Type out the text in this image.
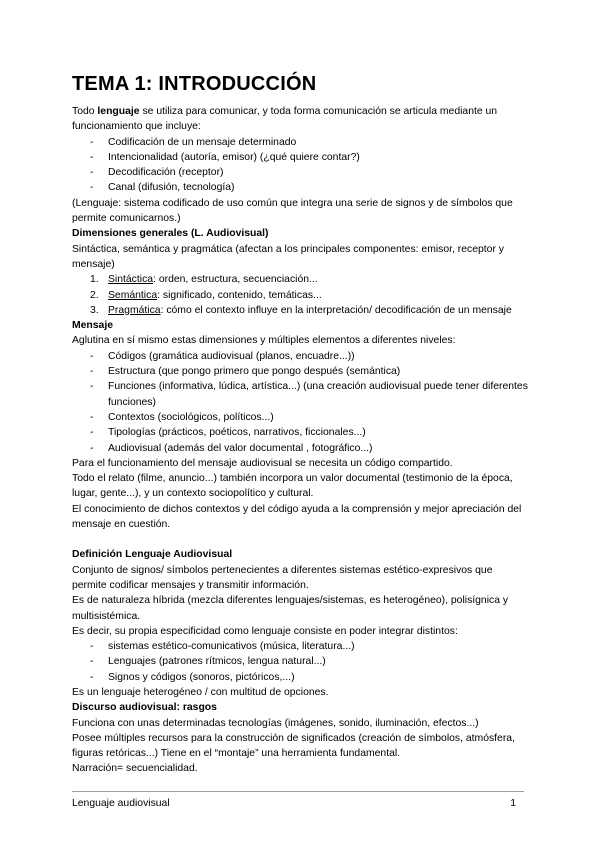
TEMA 1: INTRODUCCIÓN

Todo lenguaje se utiliza para comunicar, y toda forma comunicación se articula mediante un funcionamiento que incluye:

- Codificación de un mensaje determinado
- Intencionalidad (autoría, emisor) (¿qué quiere contar?)
- Decodificación (receptor)
- Canal (difusión, tecnología)

(Lenguaje: sistema codificado de uso común que integra una serie de signos y de símbolos que permite comunicarnos.)

Dimensiones generales (L. Audiovisual)

Sintáctica, semántica y pragmática (afectan a los principales componentes: emisor, receptor y mensaje)

1. Sintáctica: orden, estructura, secuenciación...
2. Semántica: significado, contenido, temáticas...
3. Pragmática: cómo el contexto influye en la interpretación/ decodificación de un mensaje

Mensaje

Aglutina en sí mismo estas dimensiones y múltiples elementos a diferentes niveles:

- Códigos (gramática audiovisual (planos, encuadre...))
- Estructura (que pongo primero que pongo después (semántica)
- Funciones (informativa, lúdica, artística...) (una creación audiovisual puede tener diferentes funciones)
- Contextos (sociológicos, políticos...)
- Tipologías (prácticos, poéticos, narrativos, ficcionales...)
- Audiovisual (además del valor documental , fotográfico...)

Para el funcionamiento del mensaje audiovisual se necesita un código compartido.

Todo el relato (filme, anuncio...) también incorpora un valor documental (testimonio de la época, lugar, gente...), y un contexto sociopolítico y cultural.

El conocimiento de dichos contextos y del código ayuda a la comprensión y mejor apreciación del mensaje en cuestión.

Definición Lenguaje Audiovisual

Conjunto de signos/ símbolos pertenecientes a diferentes sistemas estético-expresivos que permite codificar mensajes y transmitir información.

Es de naturaleza híbrida (mezcla diferentes lenguajes/sistemas, es heterogéneo), polisígnica y multisistémica.

Es decir, su propia especificidad como lenguaje consiste en poder integrar distintos:

- sistemas estético-comunicativos (música, literatura...)
- Lenguajes (patrones rítmicos, lengua natural...)
- Signos y códigos (sonoros, pictóricos,...)

Es un lenguaje heterogéneo / con multitud de opciones.

Discurso audiovisual: rasgos

Funciona con unas determinadas tecnologías (imágenes, sonido, iluminación, efectos...)

Posee múltiples recursos para la construcción de significados (creación de símbolos, atmósfera, figuras retóricas...) Tiene en el “montaje” una herramienta fundamental.

Narración= secuencialidad.

Lenguaje audiovisual	1
